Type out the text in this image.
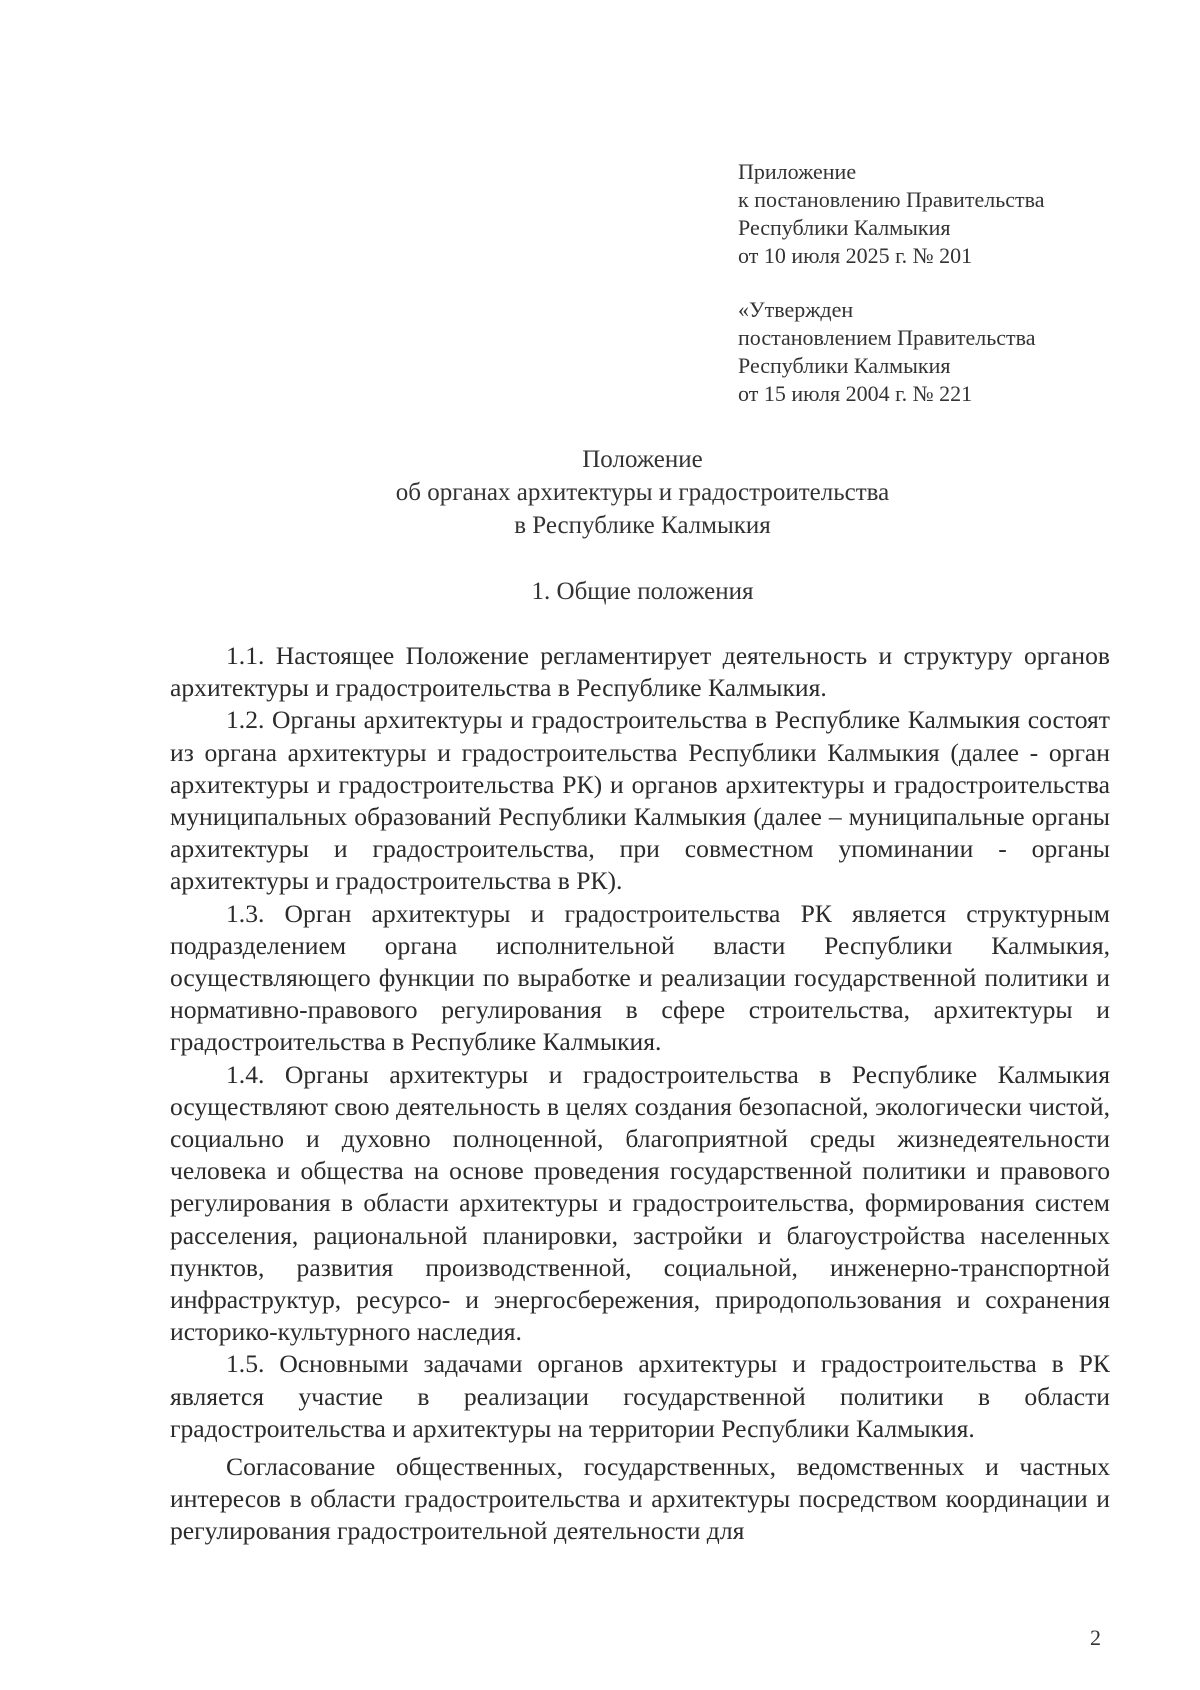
Приложение
к постановлению Правительства
Республики Калмыкия
от 10 июля 2025 г. № 201
«Утвержден
постановлением Правительства
Республики Калмыкия
от 15 июля 2004 г. № 221
Положение
об органах архитектуры и градостроительства
в Республике Калмыкия
1. Общие положения

1.1. Настоящее Положение регламентирует деятельность и структуру органов архитектуры и градостроительства в Республике Калмыкия.

1.2. Органы архитектуры и градостроительства в Республике Калмыкия состоят из органа архитектуры и градостроительства Республики Калмыкия (далее - орган архитектуры и градостроительства РК) и органов архитектуры и градостроительства муниципальных образований Республики Калмыкия (далее – муниципальные органы архитектуры и градостроительства, при совместном упоминании - органы архитектуры и градостроительства в РК).

1.3. Орган архитектуры и градостроительства РК является структурным подразделением органа исполнительной власти Республики Калмыкия, осуществляющего функции по выработке и реализации государственной политики и нормативно-правового регулирования в сфере строительства, архитектуры и градостроительства в Республике Калмыкия.

1.4. Органы архитектуры и градостроительства в Республике Калмыкия осуществляют свою деятельность в целях создания безопасной, экологически чистой, социально и духовно полноценной, благоприятной среды жизнедеятельности человека и общества на основе проведения государственной политики и правового регулирования в области архитектуры и градостроительства, формирования систем расселения, рациональной планировки, застройки и благоустройства населенных пунктов, развития производственной, социальной, инженерно-транспортной инфраструктур, ресурсо- и энергосбережения, природопользования и сохранения историко-культурного наследия.

1.5. Основными задачами органов архитектуры и градостроительства в РК является участие в реализации государственной политики в области градостроительства и архитектуры на территории Республики Калмыкия.

Согласование общественных, государственных, ведомственных и частных интересов в области градостроительства и архитектуры посредством координации и регулирования градостроительной деятельности для

2
